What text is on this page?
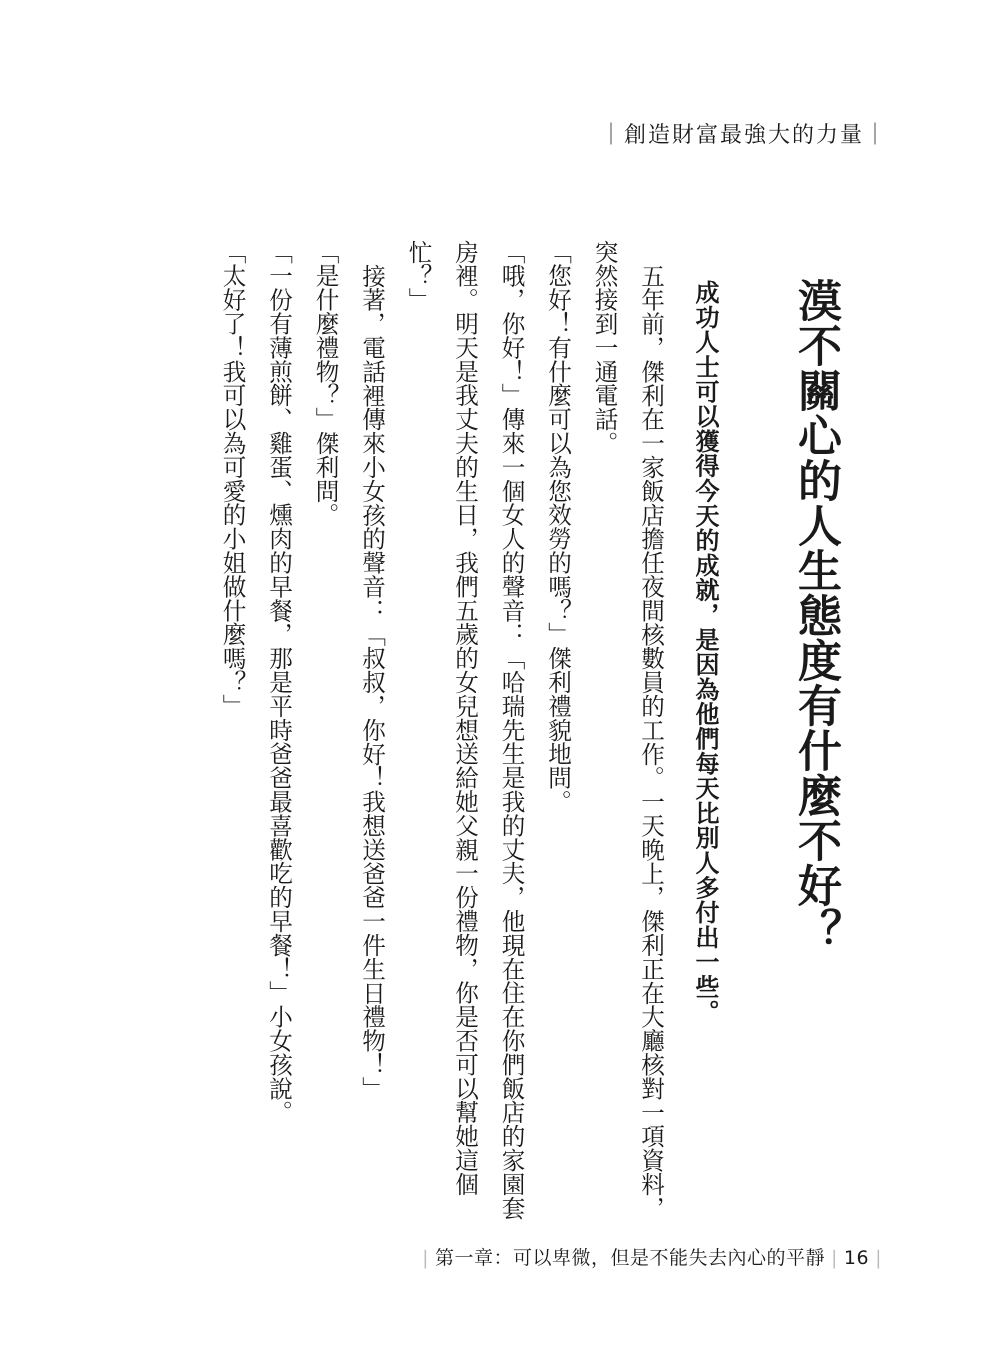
｜創造財富最強大的力量｜
漠不關心的人生態度有什麼不好？
成功人士可以獲得今天的成就，是因為他們每天比別人多付出一些。
五年前，傑利在一家飯店擔任夜間核數員的工作。一天晚上，傑利正在大廳核對一項資料，突然接到一通電話。
「您好！有什麼可以為您效勞的嗎？」傑利禮貌地問。
「哦，你好！」傳來一個女人的聲音：「哈瑞先生是我的丈夫，他現在住在你們飯店的家園套房裡。明天是我丈夫的生日，我們五歲的女兒想送給她父親一份禮物，你是否可以幫她這個忙？」
接著，電話裡傳來小女孩的聲音：「叔叔，你好！我想送爸爸一件生日禮物！」
「是什麼禮物？」傑利問。
「一份有薄煎餅、雞蛋、燻肉的早餐，那是平時爸爸最喜歡吃的早餐！」小女孩說。
「太好了！我可以為可愛的小姐做什麼嗎？」
| 第一章：可以卑微，但是不能失去內心的平靜 | 16 |
